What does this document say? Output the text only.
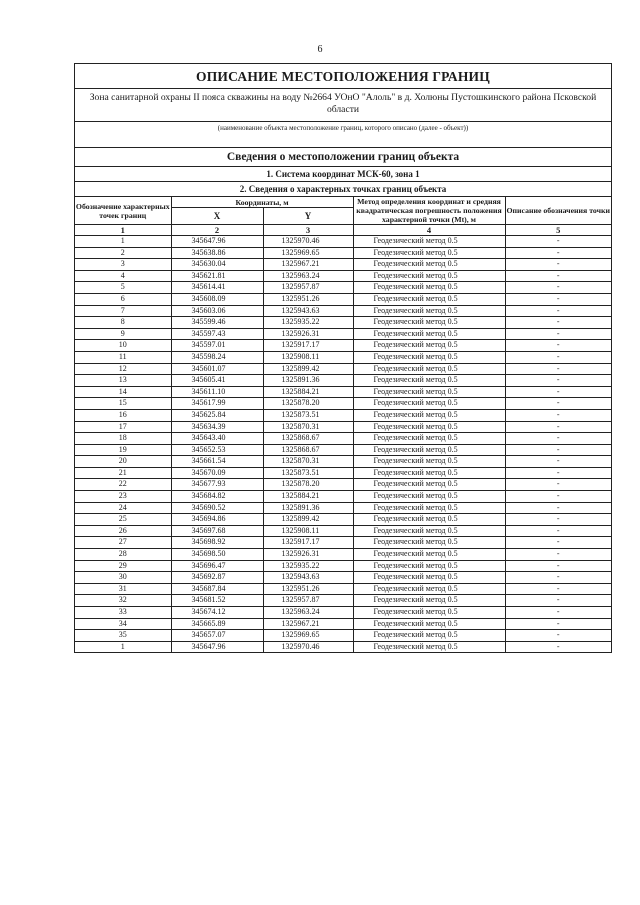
6
ОПИСАНИЕ МЕСТОПОЛОЖЕНИЯ ГРАНИЦ
Зона санитарной охраны II пояса скважины на воду №2664 УОнО "Алоль" в д. Холюны Пустошкинского района Псковской области
(наименование объекта местоположение границ, которого описано (далее - объект))
Сведения о местоположении границ объекта
1. Система координат МСК-60, зона 1
2. Сведения о характерных точках границ объекта
Обозначение характерных точек границ	Координаты, м		Метод определения координат и средняя квадратическая погрешность положения характерной точки (Mt), м	Описание обозначения точки
	X	Y		
1	2	3	4	5
1	345647.96	1325970.46	Геодезический метод 0.5	-
2	345638.86	1325969.65	Геодезический метод 0.5	-
3	345630.04	1325967.21	Геодезический метод 0.5	-
4	345621.81	1325963.24	Геодезический метод 0.5	-
5	345614.41	1325957.87	Геодезический метод 0.5	-
6	345608.09	1325951.26	Геодезический метод 0.5	-
7	345603.06	1325943.63	Геодезический метод 0.5	-
8	345599.46	1325935.22	Геодезический метод 0.5	-
9	345597.43	1325926.31	Геодезический метод 0.5	-
10	345597.01	1325917.17	Геодезический метод 0.5	-
11	345598.24	1325908.11	Геодезический метод 0.5	-
12	345601.07	1325899.42	Геодезический метод 0.5	-
13	345605.41	1325891.36	Геодезический метод 0.5	-
14	345611.10	1325884.21	Геодезический метод 0.5	-
15	345617.99	1325878.20	Геодезический метод 0.5	-
16	345625.84	1325873.51	Геодезический метод 0.5	-
17	345634.39	1325870.31	Геодезический метод 0.5	-
18	345643.40	1325868.67	Геодезический метод 0.5	-
19	345652.53	1325868.67	Геодезический метод 0.5	-
20	345661.54	1325870.31	Геодезический метод 0.5	-
21	345670.09	1325873.51	Геодезический метод 0.5	-
22	345677.93	1325878.20	Геодезический метод 0.5	-
23	345684.82	1325884.21	Геодезический метод 0.5	-
24	345690.52	1325891.36	Геодезический метод 0.5	-
25	345694.86	1325899.42	Геодезический метод 0.5	-
26	345697.68	1325908.11	Геодезический метод 0.5	-
27	345698.92	1325917.17	Геодезический метод 0.5	-
28	345698.50	1325926.31	Геодезический метод 0.5	-
29	345696.47	1325935.22	Геодезический метод 0.5	-
30	345692.87	1325943.63	Геодезический метод 0.5	-
31	345687.84	1325951.26	Геодезический метод 0.5	-
32	345681.52	1325957.87	Геодезический метод 0.5	-
33	345674.12	1325963.24	Геодезический метод 0.5	-
34	345665.89	1325967.21	Геодезический метод 0.5	-
35	345657.07	1325969.65	Геодезический метод 0.5	-
1	345647.96	1325970.46	Геодезический метод 0.5	-
